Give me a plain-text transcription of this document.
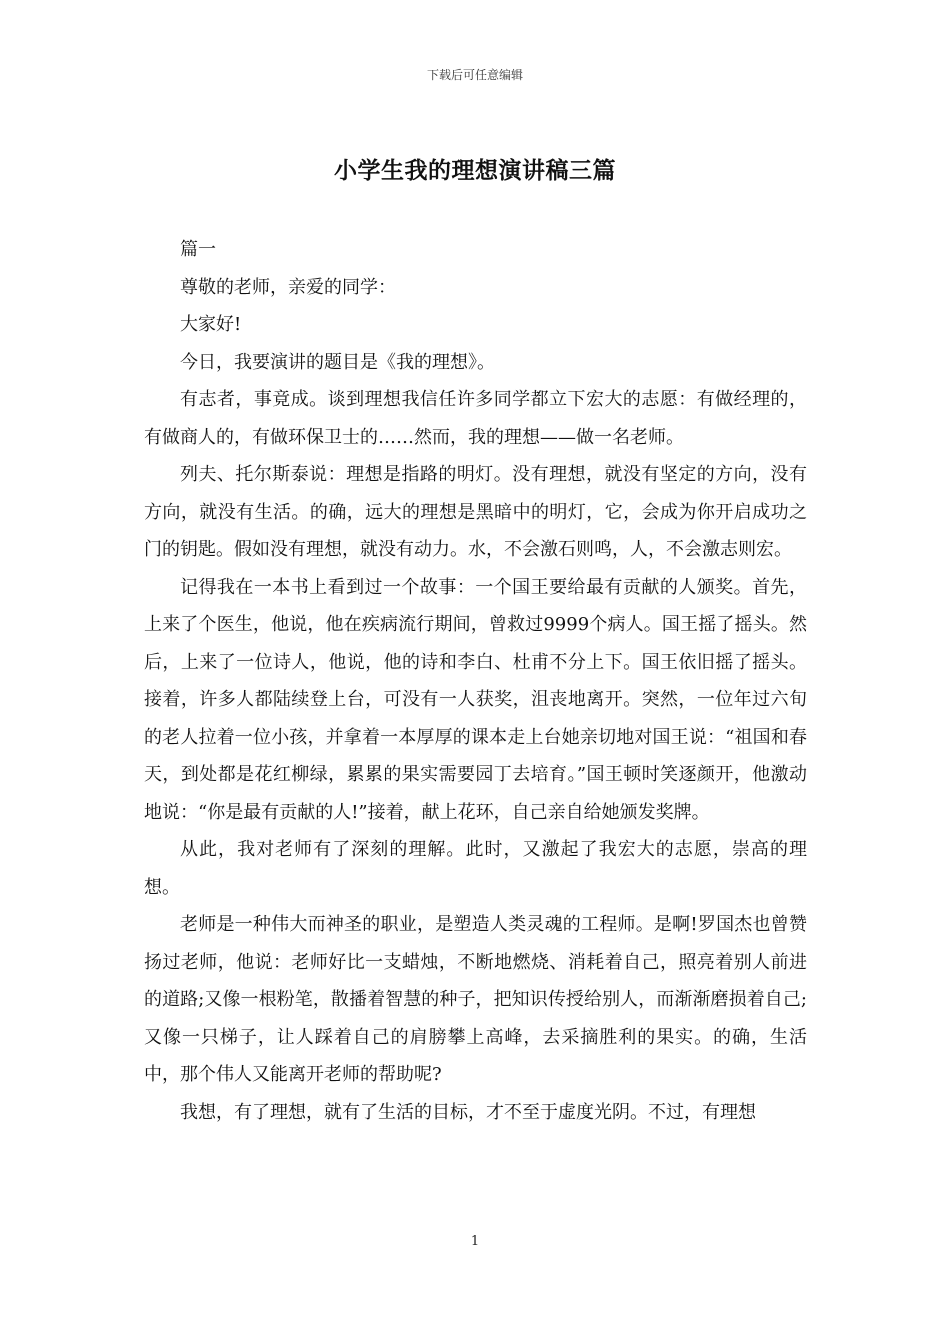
下载后可任意编辑
小学生我的理想演讲稿三篇

篇一

尊敬的老师，亲爱的同学：

大家好!

今日，我要演讲的题目是《我的理想》。

有志者，事竟成。谈到理想我信任许多同学都立下宏大的志愿：有做经理的，有做商人的，有做环保卫士的……然而，我的理想——做一名老师。

列夫、托尔斯泰说：理想是指路的明灯。没有理想，就没有坚定的方向，没有方向，就没有生活。的确，远大的理想是黑暗中的明灯，它，会成为你开启成功之门的钥匙。假如没有理想，就没有动力。水，不会激石则鸣，人，不会激志则宏。

记得我在一本书上看到过一个故事：一个国王要给最有贡献的人颁奖。首先，上来了个医生，他说，他在疾病流行期间，曾救过9999个病人。国王摇了摇头。然后，上来了一位诗人，他说，他的诗和李白、杜甫不分上下。国王依旧摇了摇头。接着，许多人都陆续登上台，可没有一人获奖，沮丧地离开。突然，一位年过六旬的老人拉着一位小孩，并拿着一本厚厚的课本走上台她亲切地对国王说：“祖国和春天，到处都是花红柳绿，累累的果实需要园丁去培育。”国王顿时笑逐颜开，他激动地说：“你是最有贡献的人!”接着，献上花环，自己亲自给她颁发奖牌。

从此，我对老师有了深刻的理解。此时，又激起了我宏大的志愿，崇高的理想。

老师是一种伟大而神圣的职业，是塑造人类灵魂的工程师。是啊!罗国杰也曾赞扬过老师，他说：老师好比一支蜡烛，不断地燃烧、消耗着自己，照亮着别人前进的道路;又像一根粉笔，散播着智慧的种子，把知识传授给别人，而渐渐磨损着自己;又像一只梯子，让人踩着自己的肩膀攀上高峰，去采摘胜利的果实。的确，生活中，那个伟人又能离开老师的帮助呢?

我想，有了理想，就有了生活的目标，才不至于虚度光阴。不过，有理想

1
